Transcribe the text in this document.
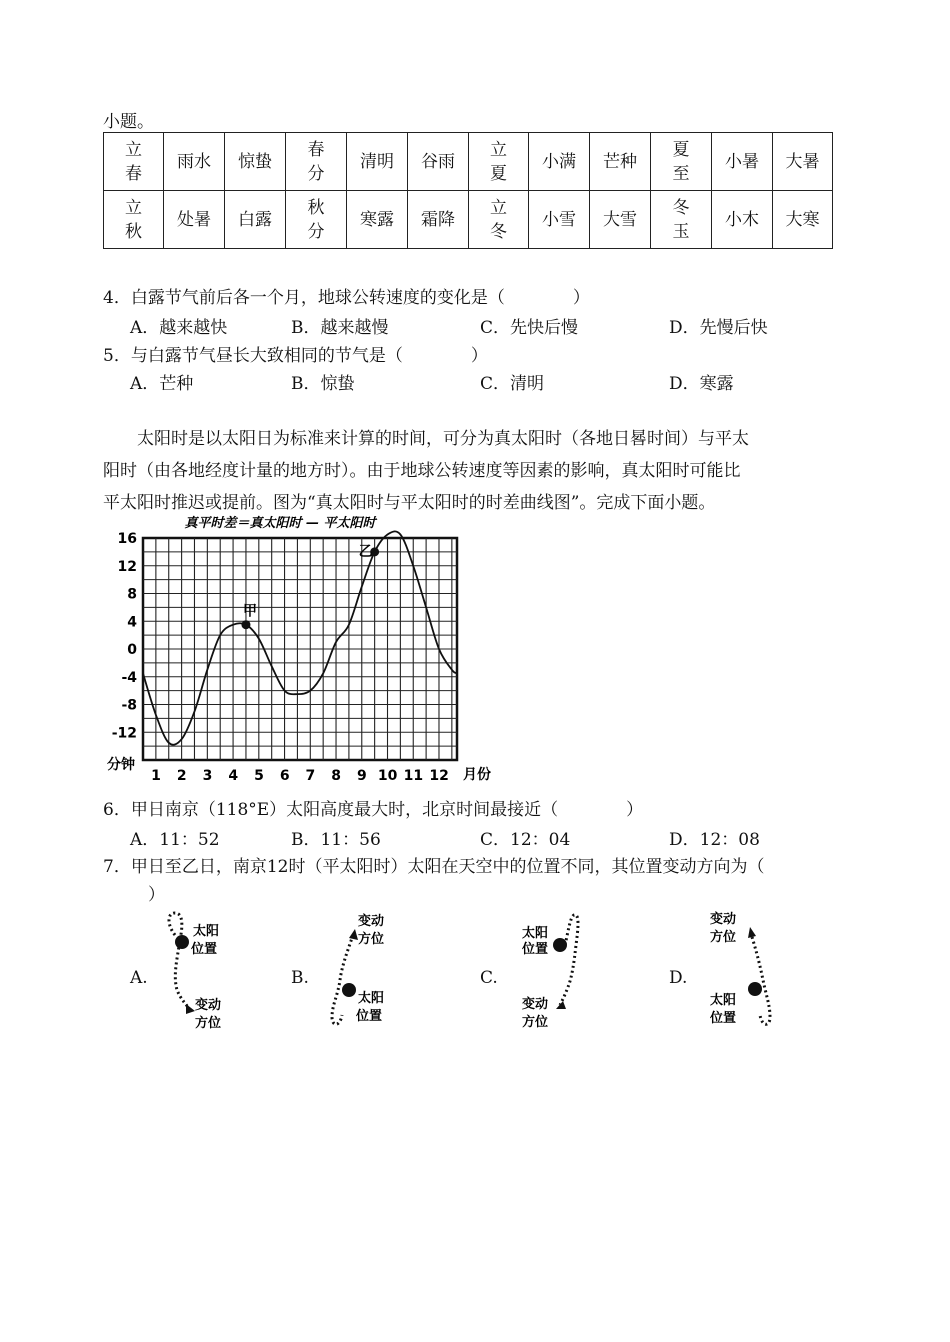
小题。
立春	雨水	惊蛰	春分	清明	谷雨	立夏	小满	芒种	夏至	小暑	大暑

立秋	处暑	白露	秋分	寒露	霜降	立冬	小雪	大雪	冬玉	小木	大寒
4．白露节气前后各一个月，地球公转速度的变化是（　　　　）
A．越来越快	B．越来越慢	C．先快后慢	D．先慢后快
5．与白露节气昼长大致相同的节气是（　　　　）
A．芒种	B．惊蛰	C．清明	D．寒露
　　太阳时是以太阳日为标准来计算的时间，可分为真太阳时（各地日晷时间）与平太
阳时（由各地经度计量的地方时）。由于地球公转速度等因素的影响，真太阳时可能比
平太阳时推迟或提前。图为“真太阳时与平太阳时的时差曲线图”。完成下面小题。
真平时差＝真太阳时 — 平太阳时
16
12
8
4
0
-4
-8
-12
1 2 3 4 5 6 7 8 9 10 11 12
甲
乙
分钟
月份
6．甲日南京（118°E）太阳高度最大时，北京时间最接近（　　　　）
A．11：52	B．11：56	C．12：04	D．12：08
7．甲日至乙日，南京12时（平太阳时）太阳在天空中的位置不同，其位置变动方向为（
）
A.	B.	C.	D.
太阳
位置
变动
方位
变动
方位
太阳
位置
太阳
位置
变动
方位
变动
方位
太阳
位置
